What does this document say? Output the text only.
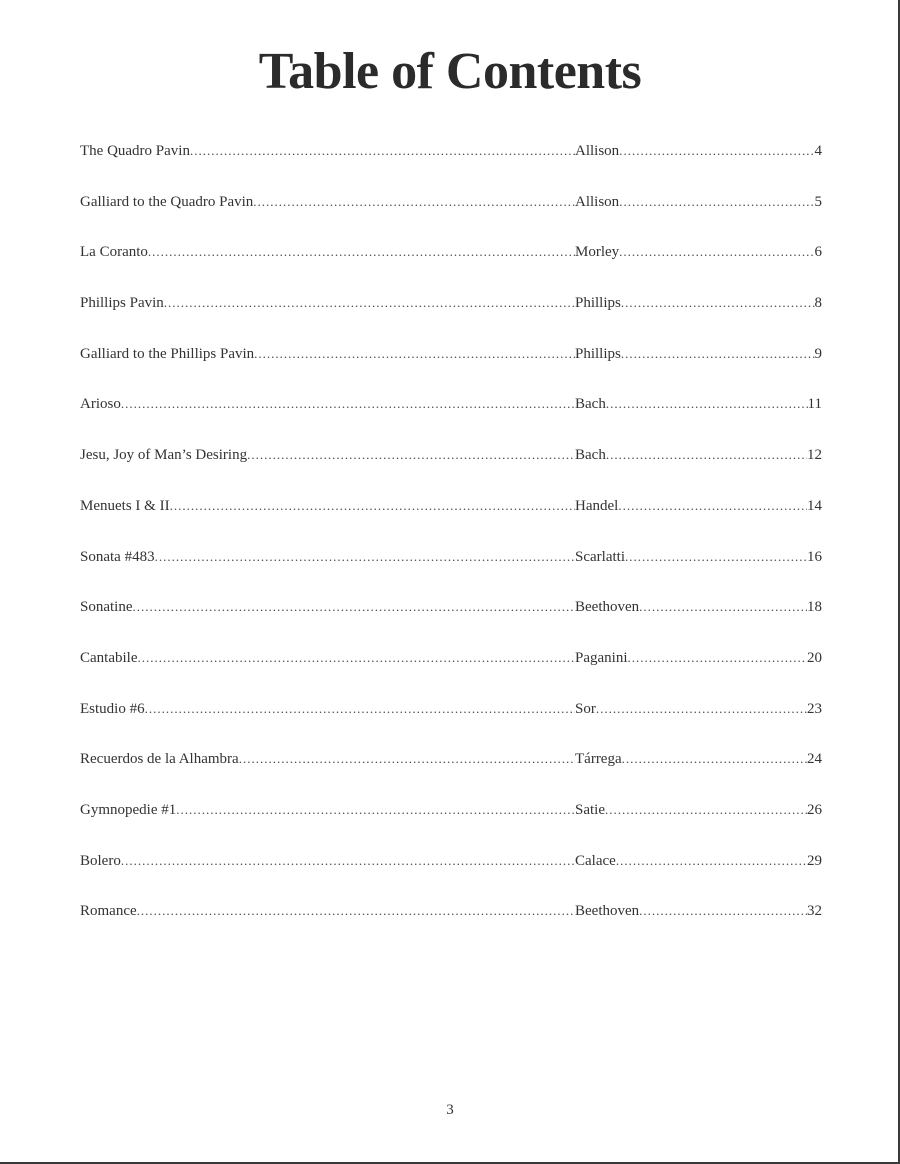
Table of Contents
The Quadro Pavin .....	Allison .....	4
Galliard to the Quadro Pavin .....	Allison .....	5
La Coranto .....	Morley .....	6
Phillips Pavin .....	Phillips .....	8
Galliard to the Phillips Pavin .....	Phillips .....	9
Arioso .....	Bach .....	11
Jesu, Joy of Man’s Desiring .....	Bach .....	12
Menuets I & II .....	Handel .....	14
Sonata #483 .....	Scarlatti .....	16
Sonatine .....	Beethoven .....	18
Cantabile .....	Paganini .....	20
Estudio #6 .....	Sor .....	23
Recuerdos de la Alhambra .....	Tárrega .....	24
Gymnopedie #1 .....	Satie .....	26
Bolero .....	Calace .....	29
Romance .....	Beethoven .....	32
3
